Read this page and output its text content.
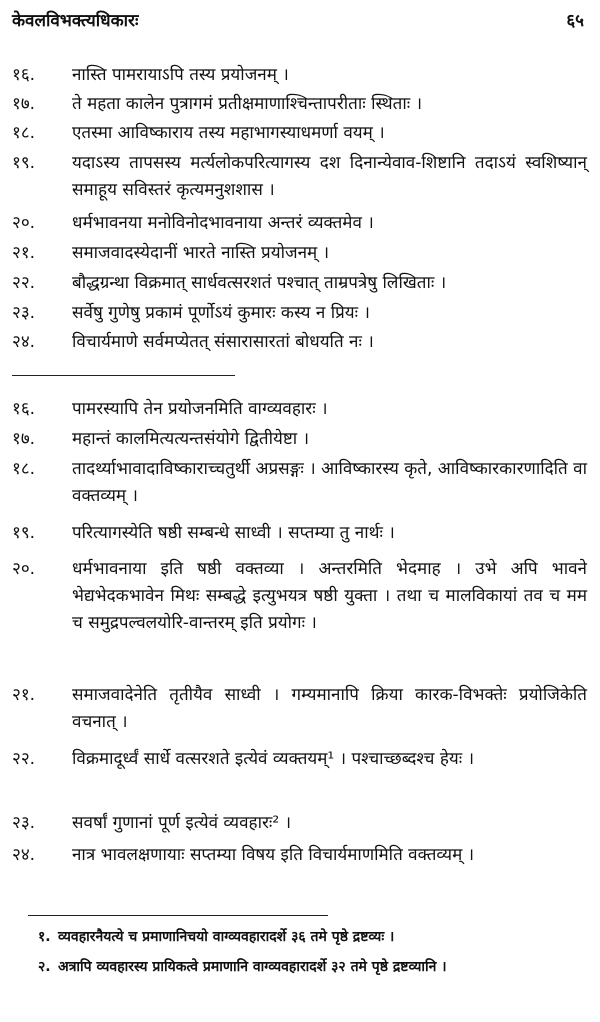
केवलविभक्त्यधिकारः	६५
१६.	नास्ति पामरायाऽपि तस्य प्रयोजनम् ।
१७.	ते महता कालेन पुत्रागमं प्रतीक्षमाणाश्चिन्तापरीताः स्थिताः ।
१८.	एतस्मा आविष्काराय तस्य महाभागस्याधमर्णा वयम् ।
१९.	यदाऽस्य तापसस्य मर्त्यलोकपरित्यागस्य दश दिनान्येवाव-शिष्टानि तदाऽयं स्वशिष्यान् समाहूय सविस्तरं कृत्यमनुशशास ।
२०.	धर्मभावनया मनोविनोदभावनाया अन्तरं व्यक्तमेव ।
२१.	समाजवादस्येदानीं भारते नास्ति प्रयोजनम् ।
२२.	बौद्धग्रन्था विक्रमात् सार्धवत्सरशतं पश्चात् ताम्रपत्रेषु लिखिताः ।
२३.	सर्वेषु गुणेषु प्रकामं पूर्णोऽयं कुमारः कस्य न प्रियः ।
२४.	विचार्यमाणे सर्वमप्येतत् संसारासारतां बोधयति नः ।
१६.	पामरस्यापि तेन प्रयोजनमिति वाग्व्यवहारः ।
१७.	महान्तं कालमित्यत्यन्तसंयोगे द्वितीयेष्टा ।
१८.	तादर्थ्याभावादाविष्काराच्चतुर्थी अप्रसङ्गः । आविष्कारस्य कृते, आविष्कारकारणादिति वा वक्तव्यम् ।
१९.	परित्यागस्येति षष्ठी सम्बन्धे साध्वी । सप्तम्या तु नार्थः ।
२०.	धर्मभावनाया इति षष्ठी वक्तव्या । अन्तरमिति भेदमाह । उभे अपि भावने भेद्यभेदकभावेन मिथः सम्बद्धे इत्युभयत्र षष्ठी युक्ता । तथा च मालविकायां तव च मम च समुद्रपल्वलयोरि-वान्तरम् इति प्रयोगः ।
२१.	समाजवादेनेति तृतीयैव साध्वी । गम्यमानापि क्रिया कारक-विभक्तेः प्रयोजिकेति वचनात् ।
२२.	विक्रमादूर्ध्वं सार्धे वत्सरशते इत्येवं व्यक्तयम्¹ । पश्चाच्छब्दश्च हेयः ।
२३.	सवर्षां गुणानां पूर्ण इत्येवं व्यवहारः² ।
२४.	नात्र भावलक्षणायाः सप्तम्या विषय इति विचार्यमाणमिति वक्तव्यम् ।
१. व्यवहारनैयत्ये च प्रमाणानिचयो वाग्व्यवहारादर्शे ३६ तमे पृष्ठे द्रष्टव्यः ।
२. अत्रापि व्यवहारस्य प्रायिकत्वे प्रमाणानि वाग्व्यवहारादर्शे ३२ तमे पृष्ठे द्रष्टव्यानि ।
